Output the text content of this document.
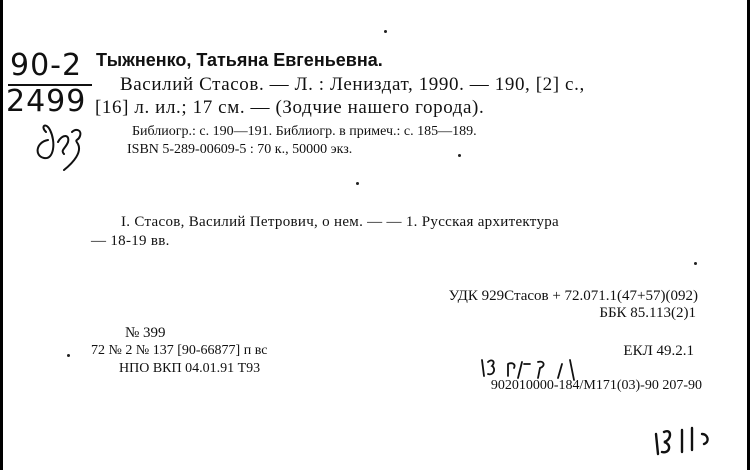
90-2
2499
Тыжненко, Татьяна Евгеньевна.
Василий Стасов. — Л. : Лениздат, 1990. — 190, [2] с.,
[16] л. ил.; 17 см. — (Зодчие нашего города).
Библиогр.: с. 190—191. Библиогр. в примеч.: с. 185—189.
ISBN 5-289-00609-5 : 70 к., 50000 экз.
I. Стасов, Василий Петрович, о нем. — — 1. Русская архитектура
— 18-19 вв.
УДК 929Стасов + 72.071.1(47+57)(092)
ББК 85.113(2)1
№ 399
72 № 2 № 137 [90-66877] п вс	ЕКЛ 49.2.1
НПО ВКП 04.01.91 Т93
902010000-184/М171(03)-90 207-90
